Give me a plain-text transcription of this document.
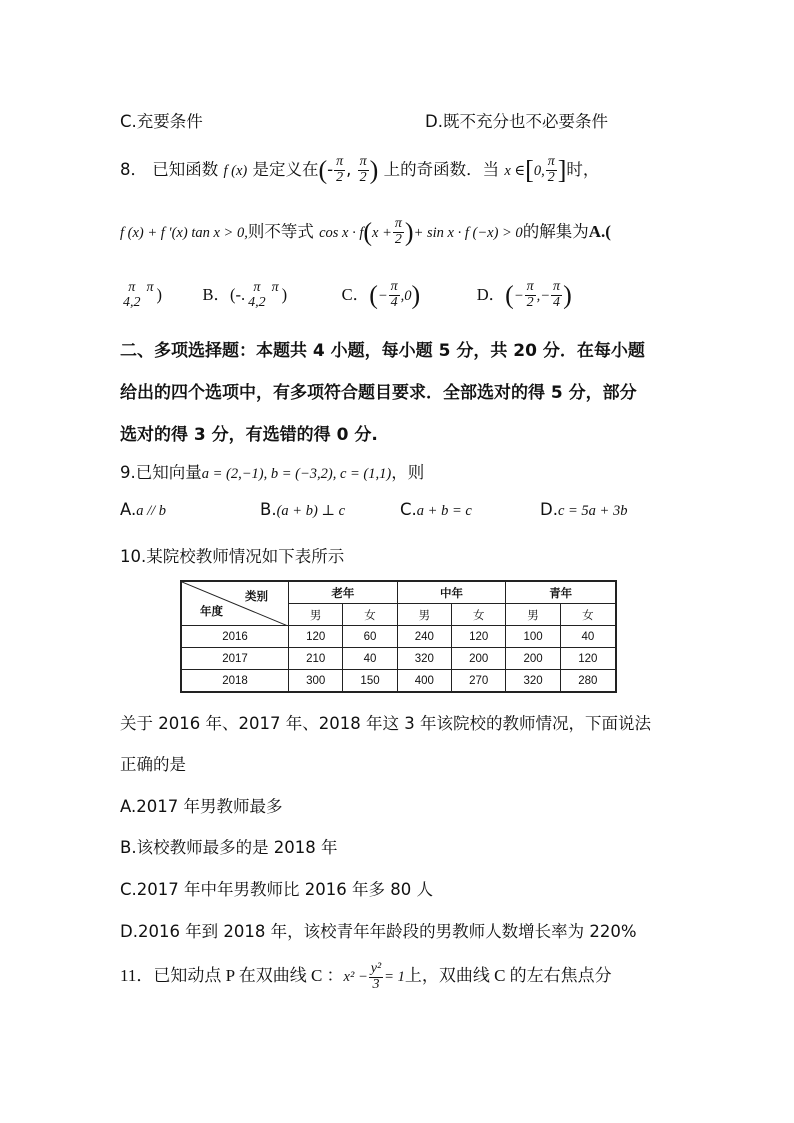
C.充要条件	D.既不充分也不必要条件
8． 已知函数 f (x) 是定义在(- $\frac{\pi}{2}$ , $\frac{\pi}{2}$ ) 上的奇函数．当 x ∈[0, $\frac{\pi}{2}$ ]时，
f (x) + f ′(x) tan x > 0,则不等式 $\cos x \cdot f(x + \frac{\pi}{2}$ )+ sin x · f (−x) > 0的解集为A.(
π
4,2
π
) B．(-. π
4,2
π
)	C．(− $\frac{\pi}{4} ,0$)	D．(− $\frac{\pi}{2}$ ,− $\frac{\pi}{4}$ )
二、多项选择题：本题共 4 小题，每小题 5 分，共 20 分．在每小题
给出的四个选项中，有多项符合题目要求．全部选对的得 5 分，部分
选对的得 3 分，有选错的得 0 分.
9.已知向量a = (2,−1), b = (−3,2), c = (1,1)，则
A.a // b	B.(a + b) ⊥ c	C.a + b = c	D.c = 5a + 3b
10.某院校教师情况如下表所示
类别
年度	老年		中年		青年	
	男	女	男	女	男	女
2016	120	60	240	120	100	40
2017	210	40	320	200	200	120
2018	300	150	400	270	320	280
关于 2016 年、2017 年、2018 年这 3 年该院校的教师情况，下面说法
正确的是
A.2017 年男教师最多
B.该校教师最多的是 2018 年
C.2017 年中年男教师比 2016 年多 80 人
D.2016 年到 2018 年，该校青年年龄段的男教师人数增长率为 220%
11．已知动点 P 在双曲线 C ：$x^2 - \frac{\text{y²}}{3} = 1$上，双曲线 C 的左右焦点分
